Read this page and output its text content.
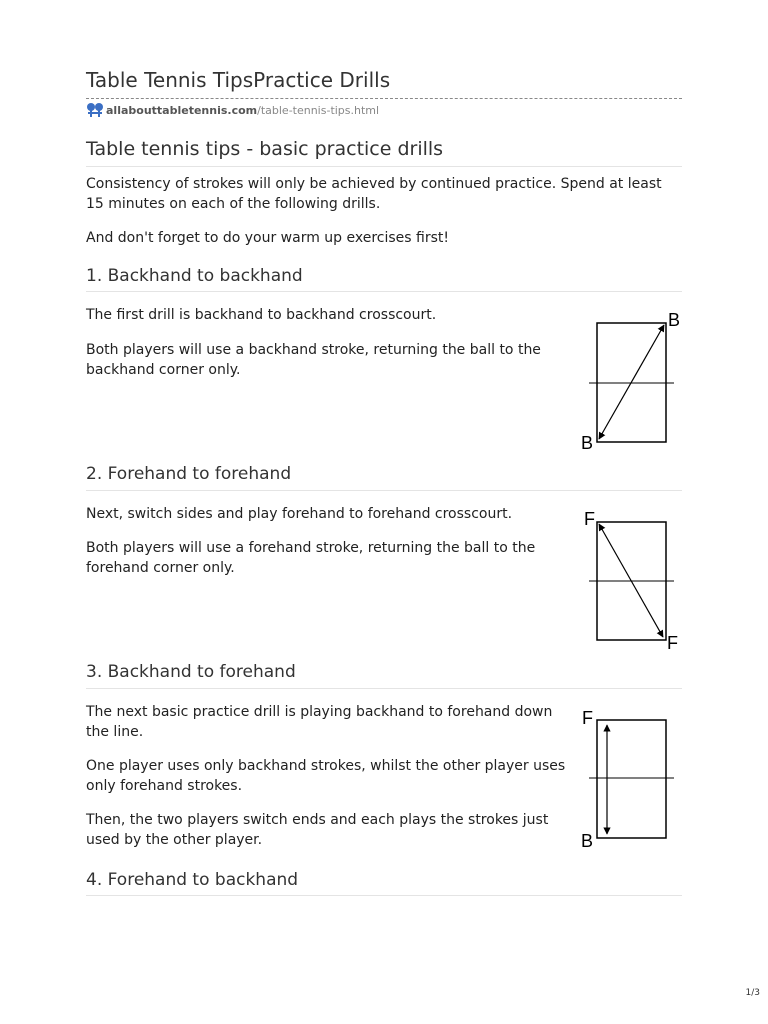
Table Tennis TipsPractice Drills
allabouttabletennis.com /table-tennis-tips.html
Table tennis tips - basic practice drills

Consistency of strokes will only be achieved by continued practice. Spend at least 15 minutes on each of the following drills.

And don't forget to do your warm up exercises first!

1. Backhand to backhand

The first drill is backhand to backhand crosscourt.

Both players will use a backhand stroke, returning the ball to the backhand corner only.

B
B
2. Forehand to forehand

Next, switch sides and play forehand to forehand crosscourt.

Both players will use a forehand stroke, returning the ball to the forehand corner only.

F
F
3. Backhand to forehand

The next basic practice drill is playing backhand to forehand down the line.

One player uses only backhand strokes, whilst the other player uses only forehand strokes.

Then, the two players switch ends and each plays the strokes just used by the other player.

F
B
4. Forehand to backhand
1/3
